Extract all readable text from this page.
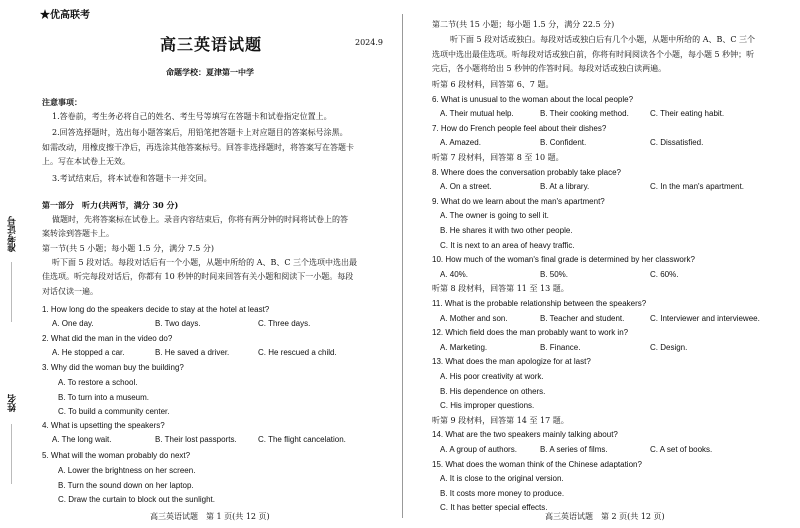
★优高联考
高三英语试题	2024.9
命题学校：夏津第一中学
注意事项：
1.答卷前，考生务必将自己的姓名、考生号等填写在答题卡和试卷指定位置上。
2.回答选择题时，选出每小题答案后，用铅笔把答题卡上对应题目的答案标号涂黑。
如需改动，用橡皮擦干净后，再选涂其他答案标号。回答非选择题时，将答案写在答题卡
上。写在本试卷上无效。
3.考试结束后，将本试卷和答题卡一并交回。
第一部分　听力(共两节，满分 30 分)
做题时，先将答案标在试卷上。录音内容结束后，你将有两分钟的时间将试卷上的答
案转涂到答题卡上。
第一节(共 5 小题；每小题 1.5 分，满分 7.5 分)
听下面 5 段对话。每段对话后有一个小题，从题中所给的 A、B、C 三个选项中选出最
佳选项。听完每段对话后，你都有 10 秒钟的时间来回答有关小题和阅读下一小题。每段
对话仅读一遍。
1. How long do the speakers decide to stay at the hotel at least?
A. One day.	B. Two days.	C. Three days.
2. What did the man in the video do?
A. He stopped a car.	B. He saved a driver.	C. He rescued a child.
3. Why did the woman buy the building?
A. To restore a school.
B. To turn into a museum.
C. To build a community center.
4. What is upsetting the speakers?
A. The long wait.	B. Their lost passports.	C. The flight cancelation.
5. What will the woman probably do next?
A. Lower the brightness on her screen.
B. Turn the sound down on her laptop.
C. Draw the curtain to block out the sunlight.
高三英语试题　第 1 页(共 12 页)
准考证号
姓名
第二节(共 15 小题；每小题 1.5 分，满分 22.5 分)
听下面 5 段对话或独白。每段对话或独白后有几个小题，从题中所给的 A、B、C 三个
选项中选出最佳选项。听每段对话或独白前，你将有时间阅读各个小题，每小题 5 秒钟；听
完后，各小题将给出 5 秒钟的作答时间。每段对话或独白读两遍。
听第 6 段材料，回答第 6、7 题。
6. What is unusual to the woman about the local people?
A. Their mutual help.	B. Their cooking method.	C. Their eating habit.
7. How do French people feel about their dishes?
A. Amazed.	B. Confident.	C. Dissatisfied.
听第 7 段材料，回答第 8 至 10 题。
8. Where does the conversation probably take place?
A. On a street.	B. At a library.	C. In the man's apartment.
9. What do we learn about the man's apartment?
A. The owner is going to sell it.
B. He shares it with two other people.
C. It is next to an area of heavy traffic.
10. How much of the woman's final grade is determined by her classwork?
A. 40%.	B. 50%.	C. 60%.
听第 8 段材料，回答第 11 至 13 题。
11. What is the probable relationship between the speakers?
A. Mother and son.	B. Teacher and student.	C. Interviewer and interviewee.
12. Which field does the man probably want to work in?
A. Marketing.	B. Finance.	C. Design.
13. What does the man apologize for at last?
A. His poor creativity at work.
B. His dependence on others.
C. His improper questions.
听第 9 段材料，回答第 14 至 17 题。
14. What are the two speakers mainly talking about?
A. A group of authors.	B. A series of films.	C. A set of books.
15. What does the woman think of the Chinese adaptation?
A. It is close to the original version.
B. It costs more money to produce.
C. It has better special effects.
高三英语试题　第 2 页(共 12 页)
